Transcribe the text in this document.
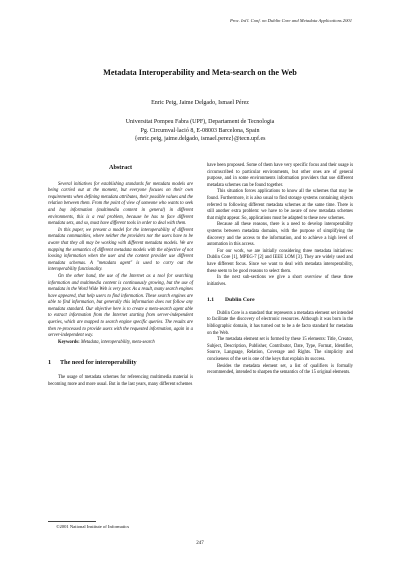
Proc. Int'l. Conf. on Dublin Core and Metadata Applications 2001
Metadata Interoperability and Meta-search on the Web
Enric Peig, Jaime Delgado, Ismael Pérez
Universitat Pompeu Fabra (UPF), Departament de Tecnologia
Pg. Circumval·lació 8, E-08003 Barcelona, Spain
{enric.peig, jaime.delgado, ismael.perez}@tecn.upf.es
Abstract

Several initiatives for establishing standards for metadata models are being carried out at the moment, but everyone focuses on their own requirements when defining metadata attributes, their possible values and the relation between them. From the point of view of someone who wants to seek and buy information (multimedia content in general) in different environments, this is a real problem, because he has to face different metadata sets, and so, must have different tools in order to deal with them.

In this paper, we present a model for the interoperability of different metadata communities, where neither the providers nor the users have to be aware that they all may be working with different metadata models. We are mapping the semantics of different metadata models with the objective of not loosing information when the user and the content provider use different metadata schemas. A "metadata agent" is used to carry out the interoperability functionality.

On the other hand, the use of the Internet as a tool for searching information and multimedia content is continuously growing, but the use of metadata in the Word Wide Web is very poor. As a result, many search engines have appeared, that help users to find information. These search engines are able to find information, but generally this information does not follow any metadata standard. Our objective here is to create a meta-search agent able to extract information from the Internet starting from server-independent queries, which are mapped to search engine specific queries. The results are then re-processed to provide users with the requested information, again in a server-independent way.

Keywords: Metadata, interoperability, meta-search

1 The need for interoperability

The usage of metadata schemes for referencing multimedia material is becoming more and more usual. But in the last years, many different schemes

have been proposed. Some of them have very specific focus and their usage is circumscribed to particular environments, but other ones are of general purpose, and in some environments information providers that use different metadata schemes can be found together.

This situation forces applications to know all the schemes that may be found. Furthermore, it is also usual to find storage systems containing objects referred to following different metadata schemes at the same time. There is still another extra problem: we have to be aware of new metadata schemes that might appear. So, applications must be adapted to these new schemes.

Because all these reasons, there is a need to develop interoperability systems between metadata domains, with the purpose of simplifying the discovery and the access to the information, and to achieve a high level of automation in this access.

For our work, we are initially considering three metadata initiatives: Dublin Core [1], MPEG-7 [2] and IEEE LOM [3]. They are widely used and have different focus. Since we want to deal with metadata interoperability, these seem to be good reasons to select them.

In the next sub-sections we give a short overview of these three initiatives.

1.1 Dublin Core

Dublin Core is a standard that represents a metadata element set intended to facilitate the discovery of electronic resources. Although it was born in the bibliographic domain, it has turned out to be a de facto standard for metadata on the Web.

The metadata element set is formed by these 15 elements: Title, Creator, Subject, Description, Publisher, Contributor, Date, Type, Format, Identifier, Source, Language, Relation, Coverage and Rights. The simplicity and conciseness of the set is one of the keys that explain its success.

Besides the metadata element set, a list of qualifiers is formally recommended, intended to sharpen the semantics of the 15 original elements.

©2001 National Institute of Informatics
247
